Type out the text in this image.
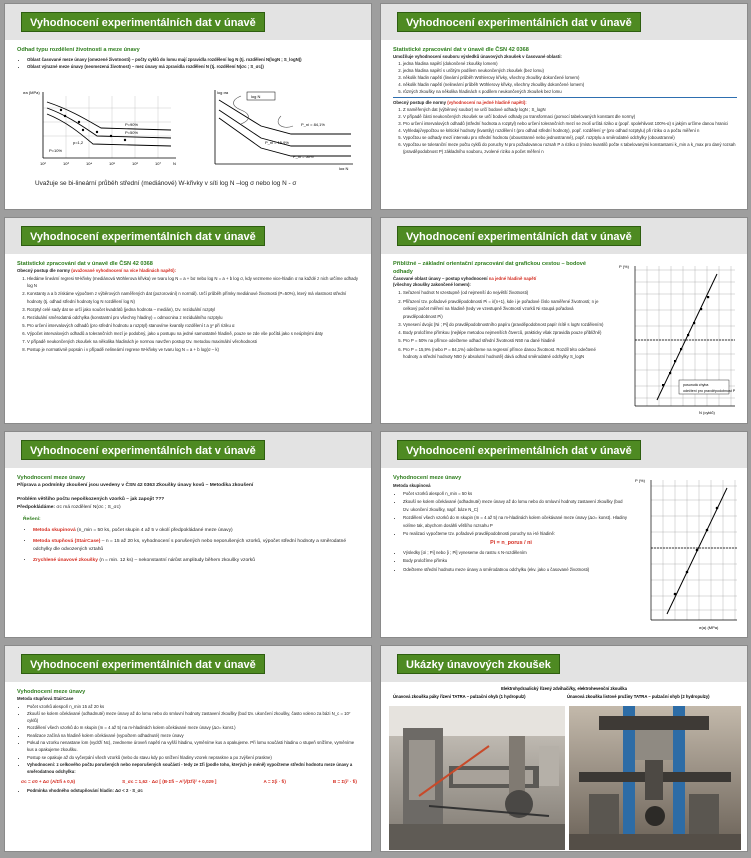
Vyhodnocení experimentálních dat v únavě
Odhad typu rozdělení životnosti a meze únavy
• Oblast časované meze únavy (omezené životnosti) – počty cyklů do lomu mají zpravidla rozdělení log N (tj. rozdělení N(logN ; S_logN))
• Oblast výrazné meze únavy (neomezená životnost) – mez únavy má zpravidla rozdělení N (tj. rozdělení N(σc ; S_σc))
σa (MPa)
P=90%
P=50%
P=10%
p=1,2
10²	10³	10⁴	10⁵	10⁶	10⁷	N
log σa
log N
P_ni = 84,1%
P_ni = 15,9%
P_ni = 50%
log N
Uvažuje se bi-lineární průběh střední (mediánové) W-křivky v síti log N –log σ nebo log N - σ
Vyhodnocení experimentálních dat v únavě
Statistické zpracování dat v únavě dle ČSN 42 0368
Umožňuje vyhodnocení souboru výsledků únavových zkoušek v časované oblasti:
1. jedna hladina napětí (dokončené zkoušky lomem)
2. jedna hladina napětí s určitým podílem neukončených zkoušek (bez lomu)
3. několik hladin napětí (lineární průběh Wöhlerovy křivky, všechny zkoušky dokončené lomem)
4. několik hladin napětí (nelineární průběh Wöhlerovy křivky, všechny zkoušky dokončené lomem)
5. různých zkoušky na několika hladinách s podílem neukončených zkoušek bez lomu
Obecný postup dle normy (vyhodnocení na jedné hladině napětí):
1. Z naměřených dat (výběrový soubor) se určí bodové odhady logN ; S_logN
2. V případě části neukončených zkoušek se určí bodové odhady po transformaci (pomocí tabelovaných konstant dle normy)
3. Pro určení intervalových odhadů (střední hodnota a rozptyl) nebo určení tolerančních mezí se zvolí určitá riziko α (popř. spolehlivost 100%-α) s jakým určíme danou hranici
4. Vyhledají/vypočtou se kritické hodnoty (kvantily) rozdělení t (pro odhad střední hodnoty), popř. rozdělení χ² (pro odhad rozptylu) při riziku α a počtu měření n
5. Vypočtou se odhady mezí intervalu pro střední hodnotu (oboustranné nebo jednostranné), popř. rozptylu a směrodatné odchylky (oboustranné)
6. Vypočtou se toleranční meze počtu cyklů do poruchy N pro požadovanou rozsah P a riziko α (místo kvantilů počte s tabelovanými konstantami k_min a k_max pro daný rozsah (pravděpodobnost P) základního souboru, zvolené riziko a počet měření n
Vyhodnocení experimentálních dat v únavě
Statistické zpracování dat v únavě dle ČSN 42 0368
Obecný postup dle normy (uvažované vyhodnocení na více hladinách napětí):
1. Hledáme lineární regresi W-křivky (mediánová Wöhlerova křivka) ve tvaru log N = a + bσ nebo log N = a + b log σ, kdy vezmeme vice-hladin σ na každé z nich určíme odhady log N
2. Konstanty a a b získáme výpočtem z výběrových naměřených dat (pozorování) n normál). Určí průběh přímky mediánové životnosti (P=50%), který má vlastnost střední hodnoty (tj. odhad střední hodnoty log N rozdělení log N)
3. Rozptyl celé sady dat se určí jako součet kvadrátů (jedna hodnota – medián), tzv. reziduální rozptyl
4. Reziduální směrodatná odchylka (konstantní pro všechny hladiny) = odmocnina z reziduálního rozptylu
5. Pro určení intervalových odhadů (pro střední hodnotu a rozptyl) stanovíme kvantily rozdělení t a χ² při riziku α
6. Výpočet intervalových odhadů a tolerančních mezí je podobný, jako u postupu na jedné samostatné hladině, pouze se zde vše počítá jako s neúplnými daty
7. V případě neukončených zkoušek na několika hladinách je normou navržen postup tzv. metodou maximální věrohodnosti
8. Postup je normativně popsán i v případě nelineární regrese W-křivky ve tvaru log N = a + b log(σ – k)
Vyhodnocení experimentálních dat v únavě
Přibližné – základní orientační zpracování dat grafickou cestou – bodové odhady
Časované oblast únavy – postup vyhodnocení na jedné hladině napětí
(všechny zkoušky zakončené lomem):
1. Seřazení hodnot N vzestupně (od nejmenší do největší životnosti)
2. Přiřazení tzv. pořadové pravděpodobnosti Pi = i/(n+1), kde i je pořadové číslo naměřené životnosti; n je celkový počet měření na hladině (tedy ve vzestupně životností vzorků Ni stoupá pořadová pravděpodobnost Pi)
3. Vynesení dvojic [Ni ; Pi] do pravděpodobnostního papíru (pravděpodobnost papír /sítě s logN rozdělením)
4. Body proložíme přímkou (nejlépe metodou nejmenších čtverců, prakticky však zpravidla pouze přibližně)
5. Pro P = 50% na přímce odečteme odhad střední životnosti N50 na dané hladině
6. Pro P = 15,9% (nebo P = 84,1%) odečteme na regresní přímce danou životnost. Rozdíl této odečtené hodnoty a střední hodnoty N50 (v absolutní hodnotě) dává odhad směrodatné odchylky S_logN
posunutá chyba
odečtení pro pravděpodobnost P
P (%)
N (cyklů)
Vyhodnocení experimentálních dat v únavě
Vyhodnocení meze únavy
Příprava a podmínky zkoušení jsou uvedeny v ČSN 42 0363 Zkoušky únavy kovů – Metodika zkoušení
Problém většího počtu nepoškozených vzorků – jak zapojit ???
Předpokládáme: σc má rozdělení N(σc ; S_σc)
Řešení:
• Metoda skupinová (n_min = 50 ks, počet skupin 4 až 5 v okolí předpokládané meze únavy)
• Metoda stupňová (StairCase) – n = 15 až 20 ks, vyhodnocení s porušených nebo neporušených vzorků, výpočet střední hodnoty a směrodatné odchylky dle odvozených vztahů
• Zrychlené únavové zkoušky (n = min. 12 ks) – nekonstantní nárůst amplitudy během zkoušky vzorků
Vyhodnocení experimentálních dat v únavě
Vyhodnocení meze únavy
Metoda skupinová
• Počet vzorků alespoň n_min = 50 ks
• Zkouší se kolem očekávané (odhadnuté) meze únavy až do lomu nebo do smluvní hodnoty zastavení zkoušky (bod tzv. ukončení zkoušky, např. báze N_C)
• Rozdělení všech vzorků do m skupin (m = 4 až 5) na m-hladinách kolem očekávané meze únavy (Δσ= konst). Hladiny volíme tak, abychom dosáhli většího rozsahu P
• Po realizaci vypočteme tzv. pořadové pravděpodobnosti poruchy na i-té hladině:
Pi = n_porus / ni
• Výsledky [σi ; Pi] nebo [i ; Pi] vyneseme do rastru s N-rozdělením
• Body proložíme přímku
• Odečteme střední hodnotu meze únavy a směrodatnou odchylku (ekv. jako u časované životnosti)
P (%)
σ(a) (MPa)
Vyhodnocení experimentálních dat v únavě
Vyhodnocení meze únavy
Metoda stupňová StairCase
• Počet vzorků alespoň n_min 15 až 20 ks
• Zkouší se kolem očekávané (odhadnuté) meze únavy až do lomu nebo do smluvní hodnoty zastavení zkoušky (bod tzv. ukončení zkoušky, často voleno za bázi N_c = 10⁷ cyklů)
• Rozdělení všech vzorků do m skupin (m = 4 až 5) na m-hladinách kolem očekávané meze únavy (Δσ= konst.)
• Realizace začíná na hladině kolem očekávané (vypočtem odhadnuté) meze únavy
• Pokud na vzorku nenastane lom (vydrží Nc), zvedneme úroveň napětí na vyšší hladinu, vyměníme kus a opakujeme. Při lomu součásti hladinu o stupeň snížíme, vyměníme kus a opakujeme zkoušku.
• Postup se opakuje až do vyčerpání všech vzorků (nebo do stavu kdy po snížení hladiny vzorek nepraskne a po zvýšení praskne)
• Vyhodnocení: z celkového počtu porušených nebo neporušených součástí - tedy ze Σfi (podle toho, kterých je méně) vypočteme střední hodnotu meze únavy a směrodatnou odchylku:
σc = σ0 + Δσ (A/Σfi ± 0,5)	S_σc = 1,62 · Δσ [ (B·Σfi – A²)/(Σfi)² + 0,029 ]	A = Σ(i · fi)	B = Σ(i² · fi)
• Podmínka vhodného odstupňování hladin: Δσ < 2 · S_σc
Ukázky únavových zkoušek
Elektrohydraulický řízený zdvihači/ky, elektrohevenční zkouška
Únavová zkouška páky řízení TATRA – pulzační ohyb (1 hydropulz)	Únavová zkouška listové pružiny TATRA – pulzační ohyb (2 hydropulzy)
